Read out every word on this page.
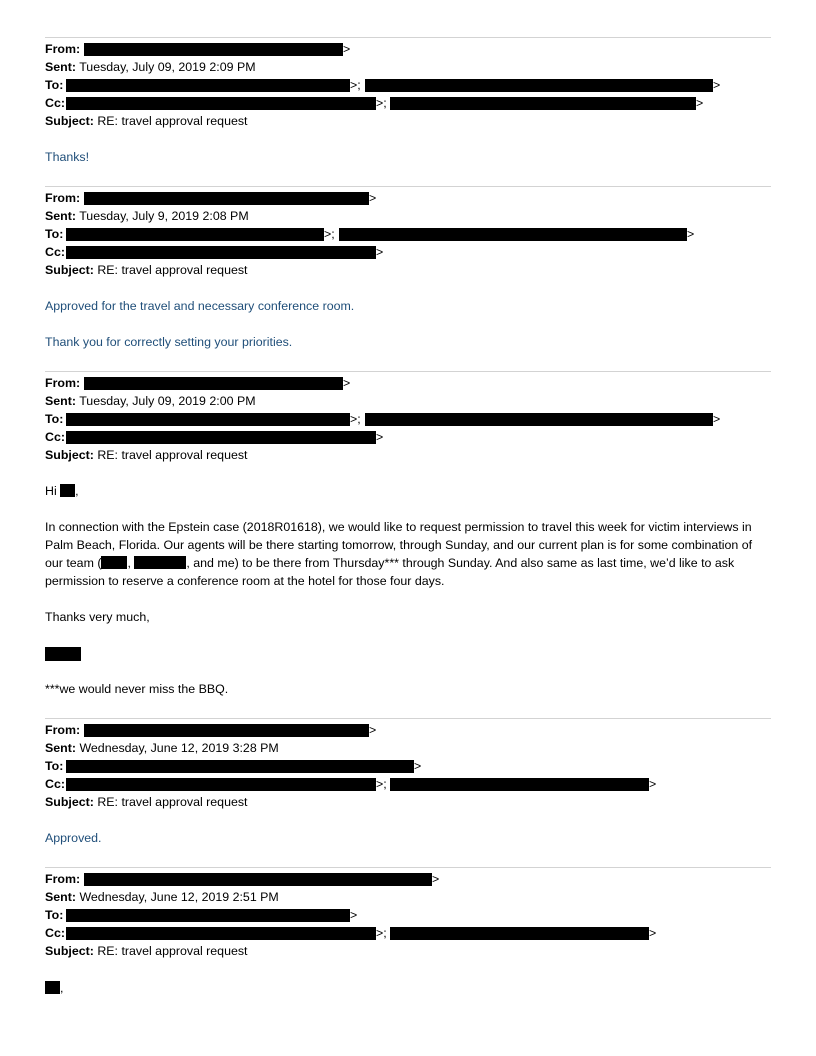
From:	>
Sent: Tuesday, July 09, 2019 2:09 PM
To:	>;	>
Cc:	>;	>
Subject: RE: travel approval request
Thanks!
From:	>
Sent: Tuesday, July 9, 2019 2:08 PM
To:	>;	>
Cc:	>
Subject: RE: travel approval request
Approved for the travel and necessary conference room.
Thank you for correctly setting your priorities.
From:	>
Sent: Tuesday, July 09, 2019 2:00 PM
To:	>;	>
Cc:	>
Subject: RE: travel approval request
Hi ,
In connection with the Epstein case (2018R01618), we would like to request permission to travel this week for victim interviews in Palm Beach, Florida. Our agents will be there starting tomorrow, through Sunday, and our current plan is for some combination of our team ( ,	, and me) to be there from Thursday*** through Sunday. And also same as last time, we’d like to ask permission to reserve a conference room at the hotel for those four days.
Thanks very much,
***we would never miss the BBQ.
From:	>
Sent: Wednesday, June 12, 2019 3:28 PM
To:	>
Cc:	>;	>
Subject: RE: travel approval request
Approved.
From:	>
Sent: Wednesday, June 12, 2019 2:51 PM
To:	>
Cc:	>;	>
Subject: RE: travel approval request
,
